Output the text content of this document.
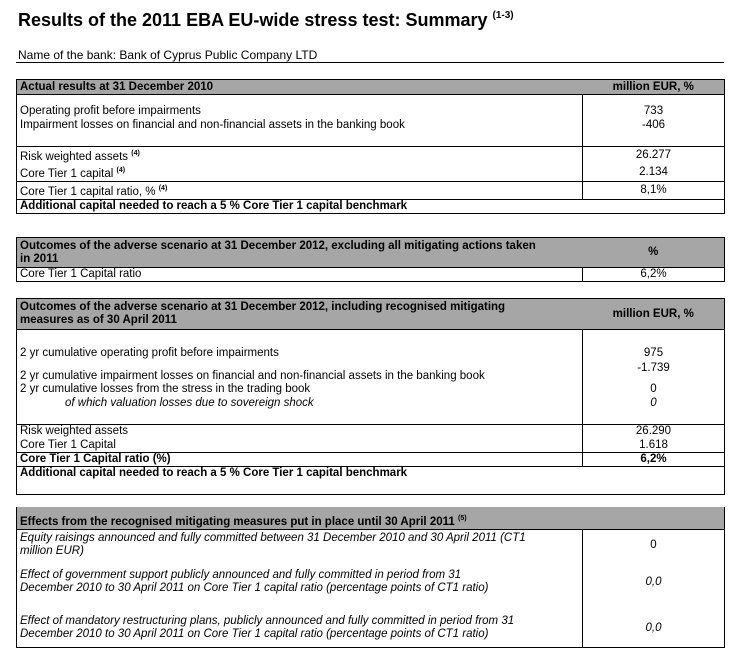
Results of the 2011 EBA EU-wide stress test: Summary $^{(1-3)}$
Name of the bank: Bank of Cyprus Public Company LTD
Actual results at 31 December 2010	million EUR, %

Operating profit before impairments	733
Impairment losses on financial and non-financial assets in the banking book	-406

Risk weighted assets $^{(4)}$	26.277
Core Tier 1 capital $^{(4)}$	2.134
Core Tier 1 capital ratio, % $^{(4)}$	8,1%
Additional capital needed to reach a 5 % Core Tier 1 capital benchmark	
Outcomes of the adverse scenario at 31 December 2012, excluding all mitigating actions taken in 2011	%
Core Tier 1 Capital ratio	6,2%
Outcomes of the adverse scenario at 31 December 2012, including recognised mitigating measures as of 30 April 2011	million EUR, %

2 yr cumulative operating profit before impairments	975
2 yr cumulative impairment losses on financial and non-financial assets in the banking book	-1.739
2 yr cumulative losses from the stress in the trading book	0
of which valuation losses due to sovereign shock	0

Risk weighted assets	26.290
Core Tier 1 Capital	1.618
Core Tier 1 Capital ratio (%)	6,2%
Additional capital needed to reach a 5 % Core Tier 1 capital benchmark	

Effects from the recognised mitigating measures put in place until 30 April 2011 $^{(5)}$
Equity raisings announced and fully committed between 31 December 2010 and 30 April 2011 (CT1 million EUR)	0

Effect of government support publicly announced and fully committed in period from 31 December 2010 to 30 April 2011 on Core Tier 1 capital ratio (percentage points of CT1 ratio)	0,0

Effect of mandatory restructuring plans, publicly announced and fully committed in period from 31 December 2010 to 30 April 2011 on Core Tier 1 capital ratio (percentage points of CT1 ratio)	0,0
